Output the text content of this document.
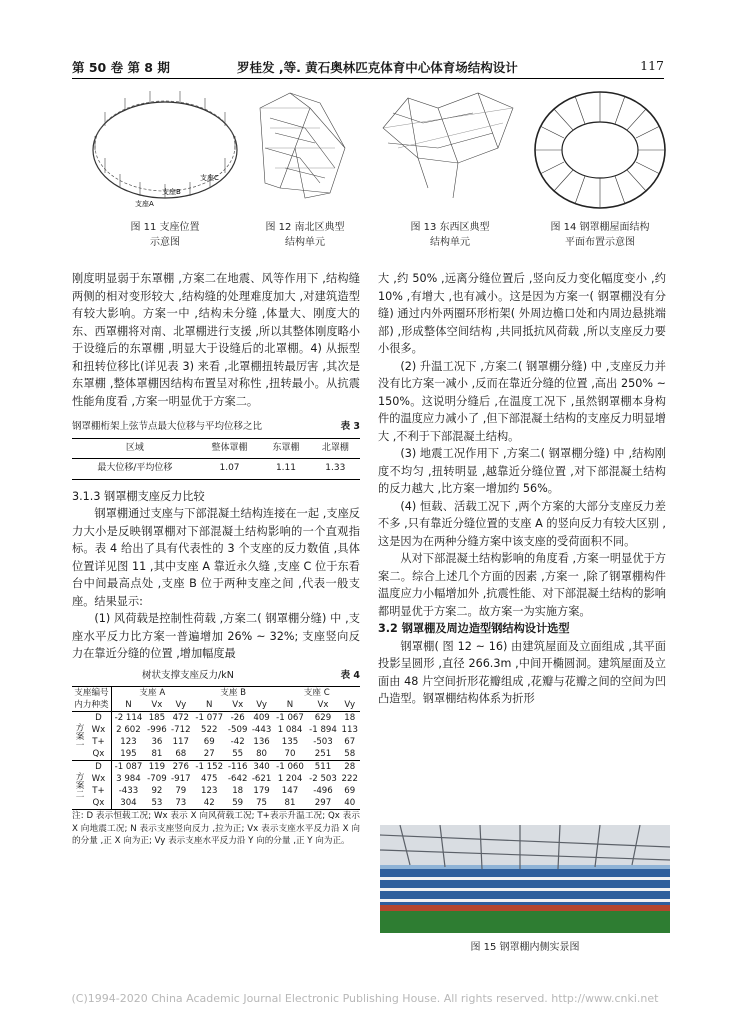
第 50 卷 第 8 期	罗桂发 ,等. 黄石奥林匹克体育中心体育场结构设计	117
支座C
支座B
支座A
图 11 支座位置
示意图
图 12 南北区典型
结构单元
图 13 东西区典型
结构单元
图 14 钢罩棚屋面结构
平面布置示意图

刚度明显弱于东罩棚 ,方案二在地震、风等作用下 ,结构缝两侧的相对变形较大 ,结构缝的处理难度加大 ,对建筑造型有较大影响。方案一中 ,结构未分缝 ,体量大、刚度大的东、西罩棚将对南、北罩棚进行支援 ,所以其整体刚度略小于设缝后的东罩棚 ,明显大于设缝后的北罩棚。4) 从振型和扭转位移比(详见表 3) 来看 ,北罩棚扭转最厉害 ,其次是东罩棚 ,整体罩棚因结构布置呈对称性 ,扭转最小。从抗震性能角度看 ,方案一明显优于方案二。

钢罩棚桁架上弦节点最大位移与平均位移之比	表 3
区域	整体罩棚	东罩棚	北罩棚
最大位移/平均位移	1.07	1.11	1.33

3.1.3 钢罩棚支座反力比较

钢罩棚通过支座与下部混凝土结构连接在一起 ,支座反力大小是反映钢罩棚对下部混凝土结构影响的一个直观指标。表 4 给出了具有代表性的 3 个支座的反力数值 ,具体位置详见图 11 ,其中支座 A 靠近永久缝 ,支座 C 位于东看台中间最高点处 ,支座 B 位于两种支座之间 ,代表一般支座。结果显示:

(1) 风荷载是控制性荷载 ,方案二( 钢罩棚分缝) 中 ,支座水平反力比方案一普遍增加 26% ~ 32%; 支座竖向反力在靠近分缝的位置 ,增加幅度最

树状支撑支座反力/kN	表 4
支座编号		支座 A			支座 B			支座 C		
内力种类		N	Vx	Vy	N	Vx	Vy	N	Vx	Vy
方案一	D	-2 114	185	472	-1 077	-26	409	-1 067	629	18
	Wx	2 602	-996	-712	522	-509	-443	1 084	-1 894	113
	T+	123	36	117	69	-42	136	135	-503	67
	Qx	195	81	68	27	55	80	70	251	58
方案二	D	-1 087	119	276	-1 152	-116	340	-1 060	511	28
	Wx	3 984	-709	-917	475	-642	-621	1 204	-2 503	222
	T+	-433	92	79	123	18	179	147	-496	69
	Qx	304	53	73	42	59	75	81	297	40

注: D 表示恒载工况; Wx 表示 X 向风荷载工况; T+表示升温工况; Qx 表示 X 向地震工况; N 表示支座竖向反力 ,拉为正; Vx 表示支座水平反力沿 X 向的分量 ,正 X 向为正; Vy 表示支座水平反力沿 Y 向的分量 ,正 Y 向为正。

大 ,约 50% ,远离分缝位置后 ,竖向反力变化幅度变小 ,约 10% ,有增大 ,也有减小。这是因为方案一( 钢罩棚没有分缝) 通过内外两圈环形桁架( 外周边檐口处和内周边悬挑端部) ,形成整体空间结构 ,共同抵抗风荷载 ,所以支座反力要小很多。

(2) 升温工况下 ,方案二( 钢罩棚分缝) 中 ,支座反力并没有比方案一减小 ,反而在靠近分缝的位置 ,高出 250% ~ 150%。这说明分缝后 ,在温度工况下 ,虽然钢罩棚本身构件的温度应力减小了 ,但下部混凝土结构的支座反力明显增大 ,不利于下部混凝土结构。

(3) 地震工况作用下 ,方案二( 钢罩棚分缝) 中 ,结构刚度不均匀 ,扭转明显 ,越靠近分缝位置 ,对下部混凝土结构的反力越大 ,比方案一增加约 56%。

(4) 恒载、活载工况下 ,两个方案的大部分支座反力差不多 ,只有靠近分缝位置的支座 A 的竖向反力有较大区别 ,这是因为在两种分缝方案中该支座的受荷面积不同。

从对下部混凝土结构影响的角度看 ,方案一明显优于方案二。综合上述几个方面的因素 ,方案一 ,除了钢罩棚构件温度应力小幅增加外 ,抗震性能、对下部混凝土结构的影响都明显优于方案二。故方案一为实施方案。

3.2 钢罩棚及周边造型钢结构设计选型

钢罩棚( 图 12 ~ 16) 由建筑屋面及立面组成 ,其平面投影呈圆形 ,直径 266.3m ,中间开椭圆洞。建筑屋面及立面由 48 片空间折形花瓣组成 ,花瓣与花瓣之间的空间为凹凸造型。钢罩棚结构体系为折形

图 15 钢罩棚内侧实景图
(C)1994-2020 China Academic Journal Electronic Publishing House. All rights reserved. http://www.cnki.net
